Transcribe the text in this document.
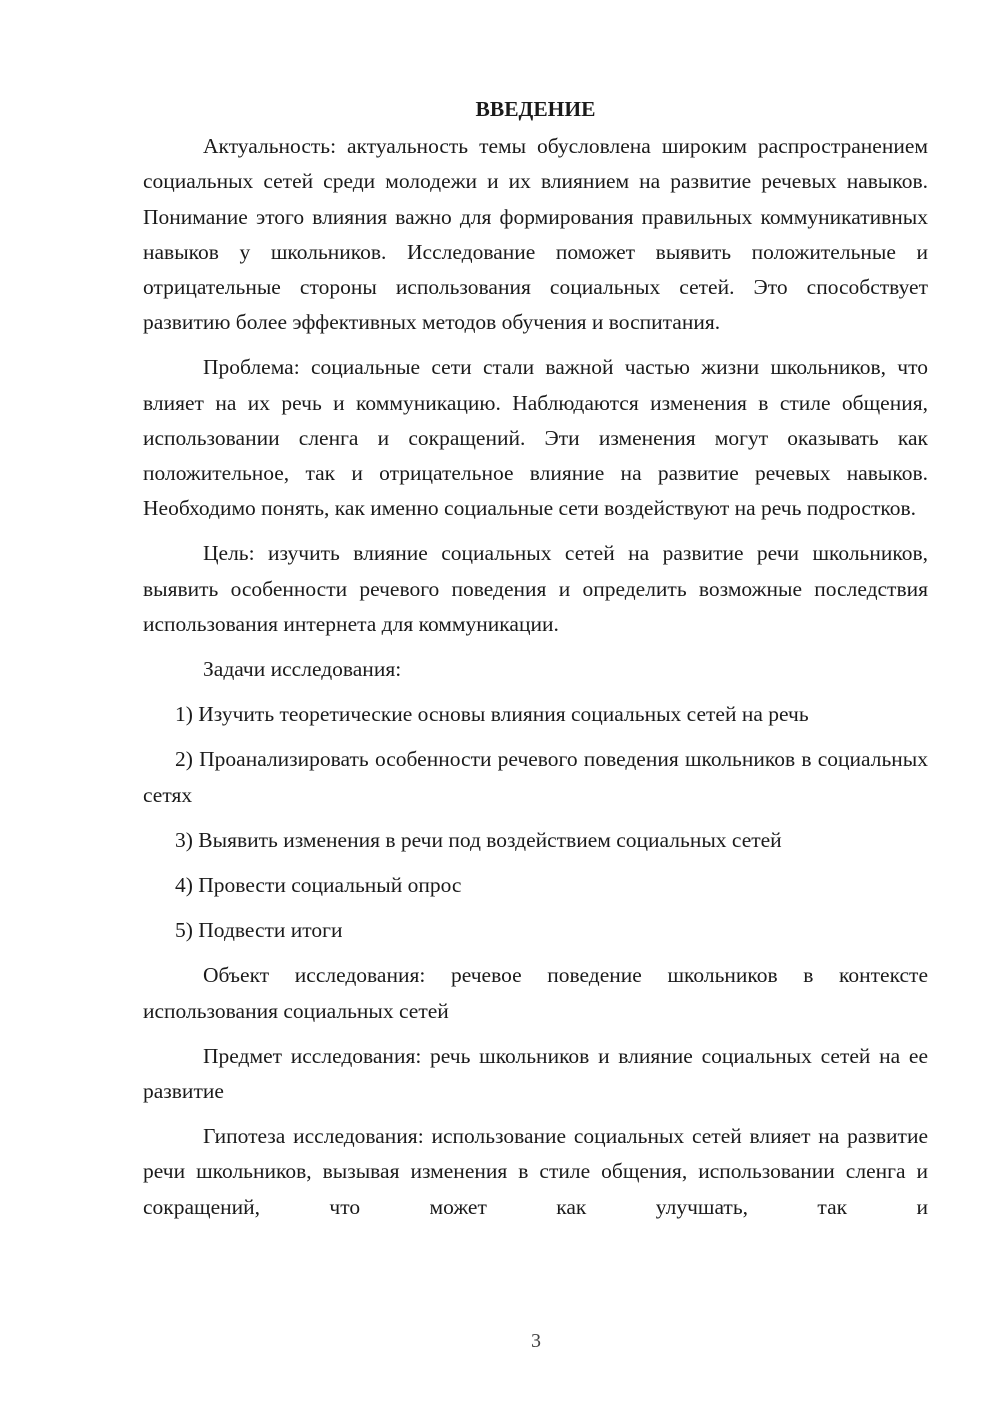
ВВЕДЕНИЕ

Актуальность: актуальность темы обусловлена широким распространением социальных сетей среди молодежи и их влиянием на развитие речевых навыков. Понимание этого влияния важно для формирования правильных коммуникативных навыков у школьников. Исследование поможет выявить положительные и отрицательные стороны использования социальных сетей. Это способствует развитию более эффективных методов обучения и воспитания.

Проблема: социальные сети стали важной частью жизни школьников, что влияет на их речь и коммуникацию. Наблюдаются изменения в стиле общения, использовании сленга и сокращений. Эти изменения могут оказывать как положительное, так и отрицательное влияние на развитие речевых навыков. Необходимо понять, как именно социальные сети воздействуют на речь подростков.

Цель: изучить влияние социальных сетей на развитие речи школьников, выявить особенности речевого поведения и определить возможные последствия использования интернета для коммуникации.

Задачи исследования:

1) Изучить теоретические основы влияния социальных сетей на речь

2) Проанализировать особенности речевого поведения школьников в социальных сетях

3) Выявить изменения в речи под воздействием социальных сетей

4) Провести социальный опрос

5) Подвести итоги

Объект исследования: речевое поведение школьников в контексте использования социальных сетей

Предмет исследования: речь школьников и влияние социальных сетей на ее развитие

Гипотеза исследования: использование социальных сетей влияет на развитие речи школьников, вызывая изменения в стиле общения, использовании сленга и сокращений, что может как улучшать, так и

3
